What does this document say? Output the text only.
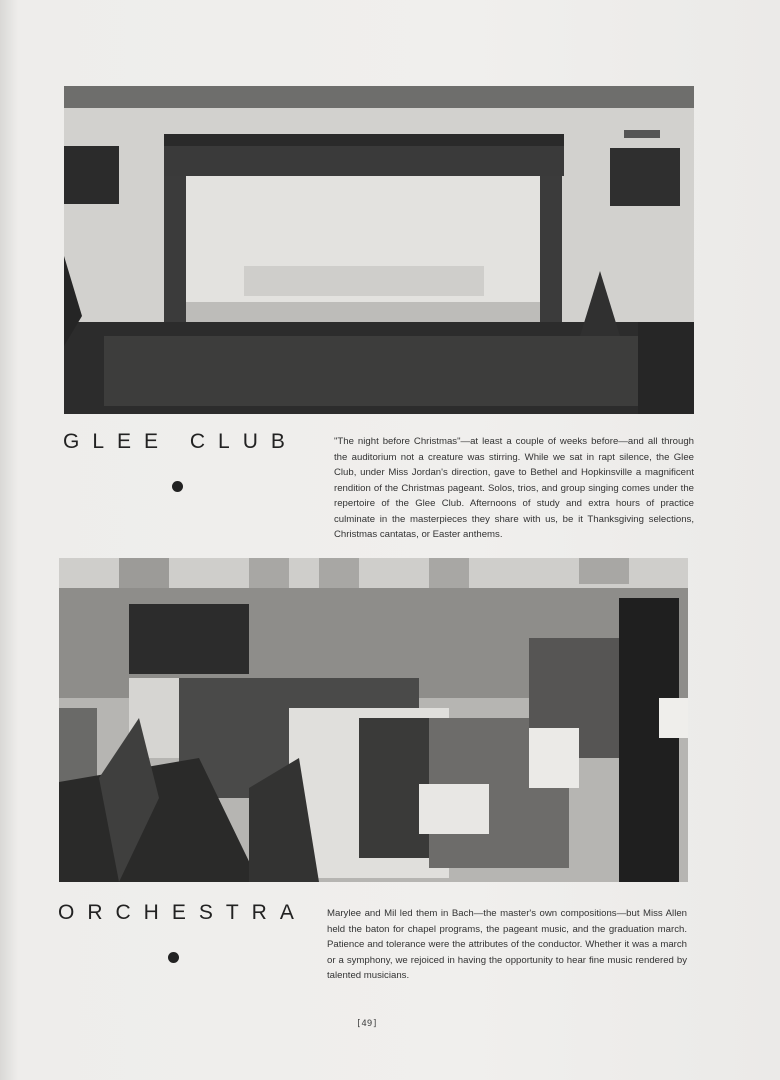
GLEE CLUB	"The night before Christmas"—at least a couple of weeks before—and all through the auditorium not a creature was stirring. While we sat in rapt silence, the Glee Club, under Miss Jordan's direction, gave to Bethel and Hopkinsville a magnificent rendition of the Christmas pageant. Solos, trios, and group singing comes under the repertoire of the Glee Club. Afternoons of study and extra hours of practice culminate in the masterpieces they share with us, be it Thanksgiving selections, Christmas cantatas, or Easter anthems.
ORCHESTRA Marylee and Mil led them in Bach—the master's own compositions—but Miss Allen held the baton for chapel programs, the pageant music, and the graduation march. Patience and tolerance were the attributes of the conductor. Whether it was a march or a symphony, we rejoiced in having the opportunity to hear fine music rendered by talented musicians.
[49]
